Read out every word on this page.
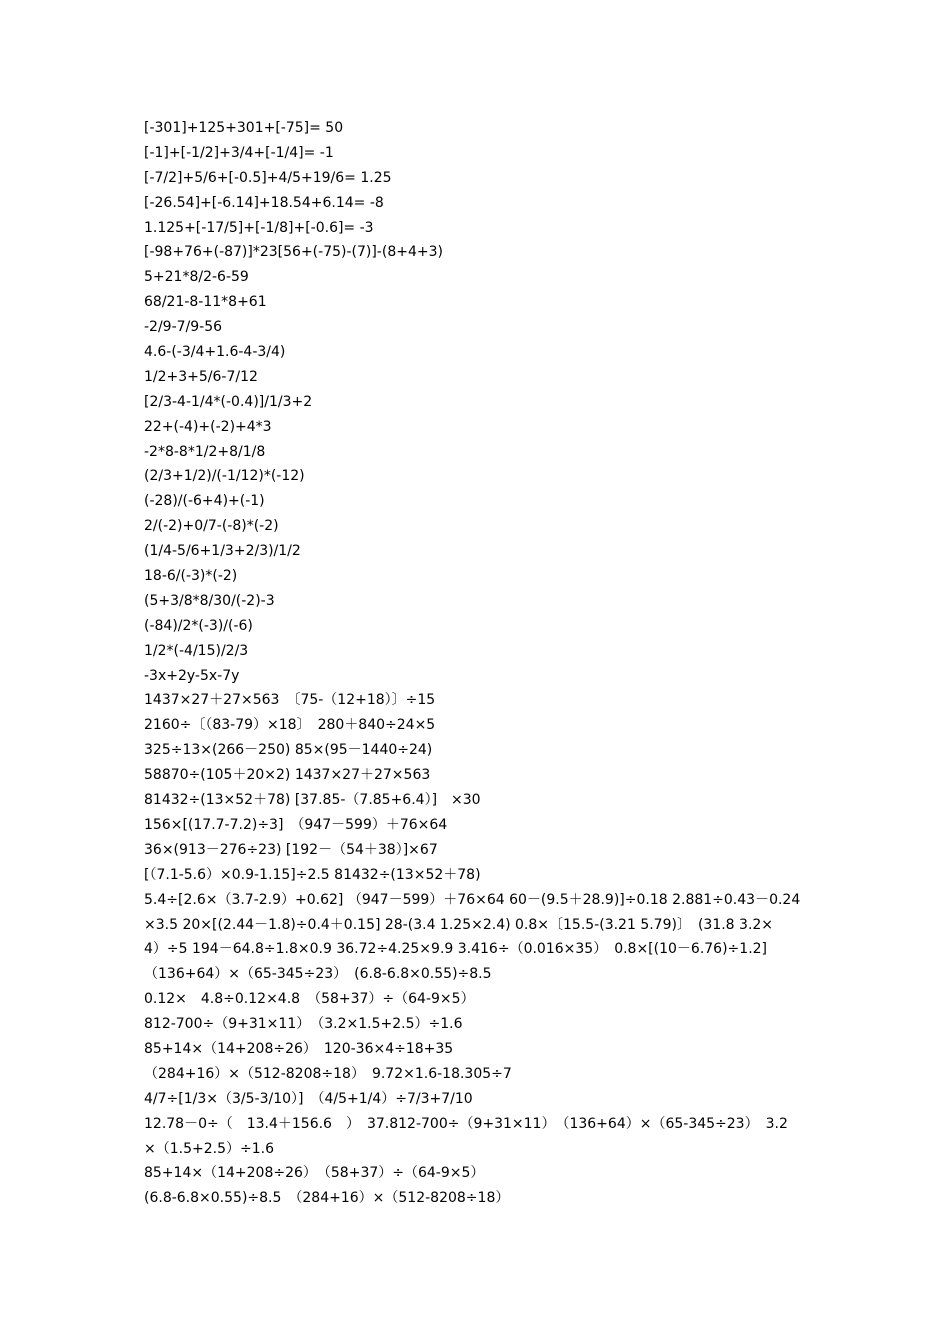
[-301]+125+301+[-75]= 50
[-1]+[-1/2]+3/4+[-1/4]= -1
[-7/2]+5/6+[-0.5]+4/5+19/6= 1.25
[-26.54]+[-6.14]+18.54+6.14= -8
1.125+[-17/5]+[-1/8]+[-0.6]= -3
[-98+76+(-87)]*23[56+(-75)-(7)]-(8+4+3)
5+21*8/2-6-59
68/21-8-11*8+61
-2/9-7/9-56
4.6-(-3/4+1.6-4-3/4)
1/2+3+5/6-7/12
[2/3-4-1/4*(-0.4)]/1/3+2
22+(-4)+(-2)+4*3
-2*8-8*1/2+8/1/8
(2/3+1/2)/(-1/12)*(-12)
(-28)/(-6+4)+(-1)
2/(-2)+0/7-(-8)*(-2)
(1/4-5/6+1/3+2/3)/1/2
18-6/(-3)*(-2)
(5+3/8*8/30/(-2)-3
(-84)/2*(-3)/(-6)
1/2*(-4/15)/2/3
-3x+2y-5x-7y
1437×27＋27×563　〔75-（12+18）〕÷15
2160÷〔（83-79）×18〕　280＋840÷24×5
325÷13×(266－250) 85×(95－1440÷24)
58870÷(105＋20×2) 1437×27＋27×563
81432÷(13×52＋78) [37.85-（7.85+6.4）]　×30
156×[(17.7-7.2)÷3]　（947－599）＋76×64
36×(913－276÷23) [192－（54＋38）]×67
[（7.1-5.6）×0.9-1.15]÷2.5 81432÷(13×52＋78)
5.4÷[2.6×（3.7-2.9）+0.62] （947－599）＋76×64 60－(9.5＋28.9)]÷0.18 2.881÷0.43－0.24
×3.5 20×[(2.44－1.8)÷0.4＋0.15] 28-(3.4 1.25×2.4) 0.8×〔15.5-(3.21 5.79)〕　(31.8 3.2×
4）÷5 194－64.8÷1.8×0.9 36.72÷4.25×9.9 3.416÷（0.016×35）　0.8×[(10－6.76)÷1.2]
（136+64）×（65-345÷23）　(6.8-6.8×0.55)÷8.5
0.12×　4.8÷0.12×4.8　（58+37）÷（64-9×5）
812-700÷（9+31×11）　（3.2×1.5+2.5）÷1.6
85+14×（14+208÷26）　120-36×4÷18+35
（284+16）×（512-8208÷18）　9.72×1.6-18.305÷7
4/7÷[1/3×（3/5-3/10）]　（4/5+1/4）÷7/3+7/10
12.78－0÷（　13.4＋156.6　）　37.812-700÷（9+31×11）　（136+64）×（65-345÷23）　3.2
×（1.5+2.5）÷1.6
85+14×（14+208÷26）　（58+37）÷（64-9×5）
(6.8-6.8×0.55)÷8.5　（284+16）×（512-8208÷18）
